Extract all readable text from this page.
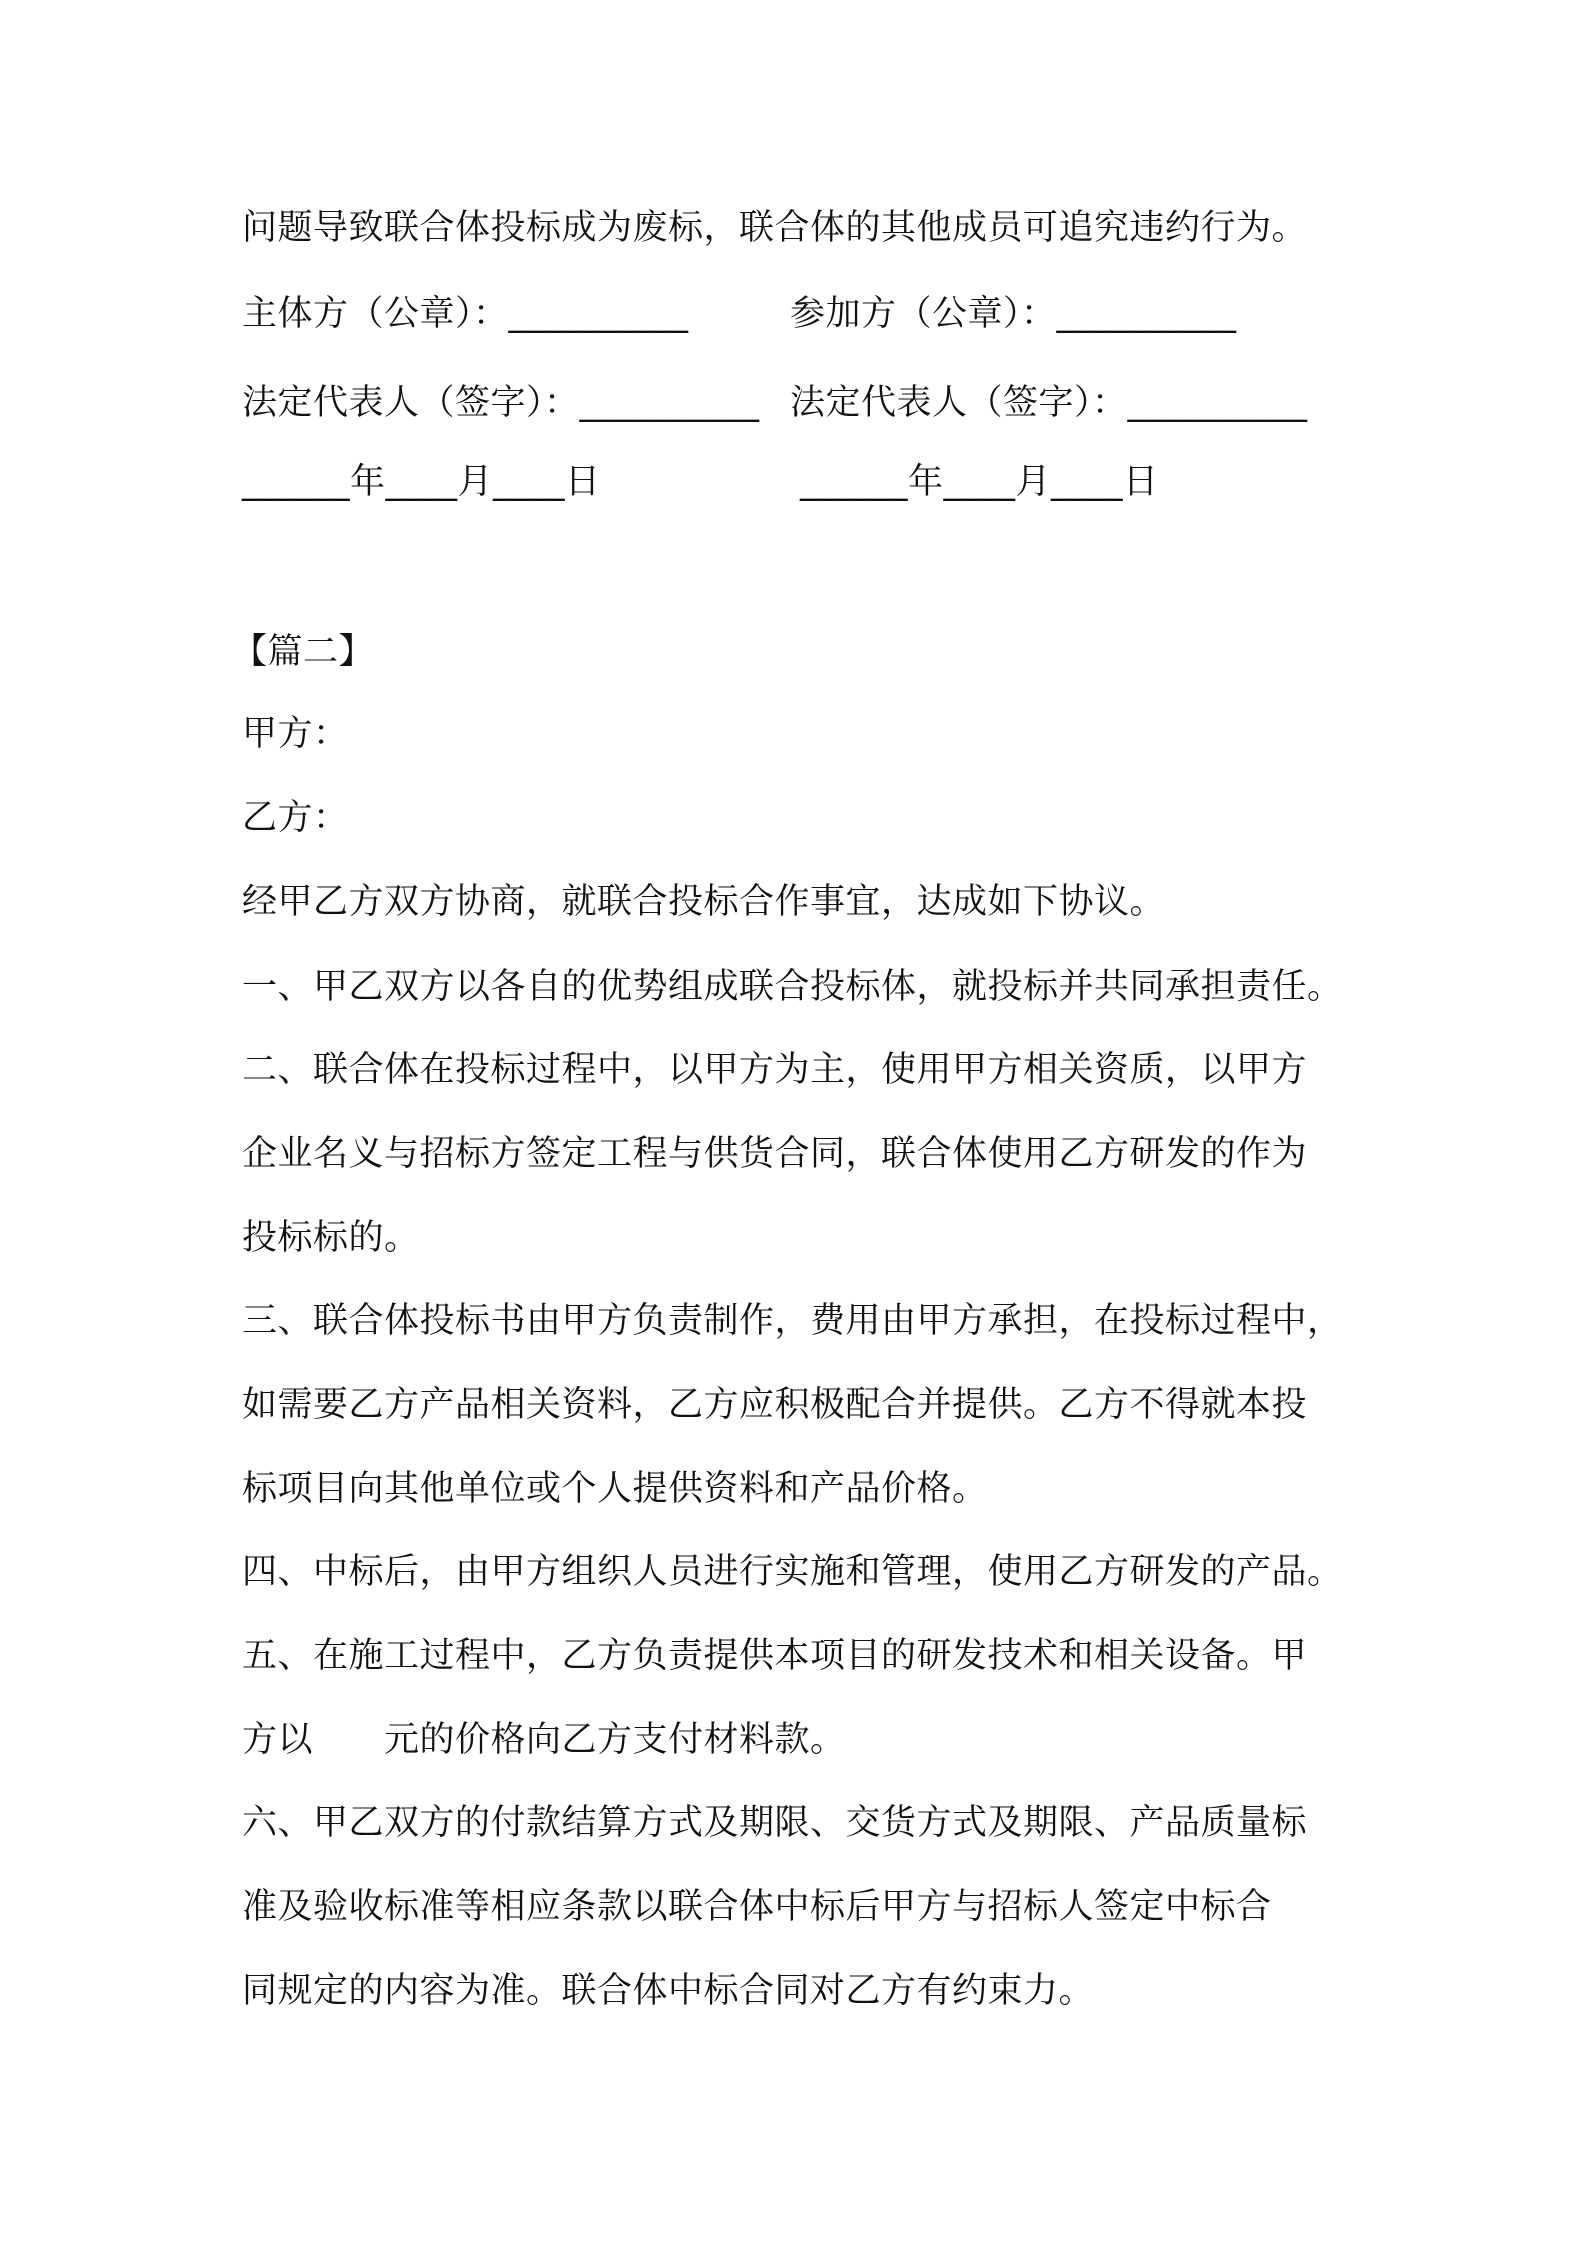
问题导致联合体投标成为废标，联合体的其他成员可追究违约行为。
主体方（公章）：__________	参加方（公章）：__________
法定代表人（签字）：__________ 法定代表人（签字）：__________
______年____月____日	______年____月____日
【篇二】
甲方：
乙方：
经甲乙方双方协商，就联合投标合作事宜，达成如下协议。
一、甲乙双方以各自的优势组成联合投标体，就投标并共同承担责任。
二、联合体在投标过程中，以甲方为主，使用甲方相关资质，以甲方
企业名义与招标方签定工程与供货合同，联合体使用乙方研发的作为
投标标的。
三、联合体投标书由甲方负责制作，费用由甲方承担，在投标过程中，
如需要乙方产品相关资料，乙方应积极配合并提供。乙方不得就本投
标项目向其他单位或个人提供资料和产品价格。
四、中标后，由甲方组织人员进行实施和管理，使用乙方研发的产品。
五、在施工过程中，乙方负责提供本项目的研发技术和相关设备。甲
方以　　元的价格向乙方支付材料款。
六、甲乙双方的付款结算方式及期限、交货方式及期限、产品质量标
准及验收标准等相应条款以联合体中标后甲方与招标人签定中标合
同规定的内容为准。联合体中标合同对乙方有约束力。
